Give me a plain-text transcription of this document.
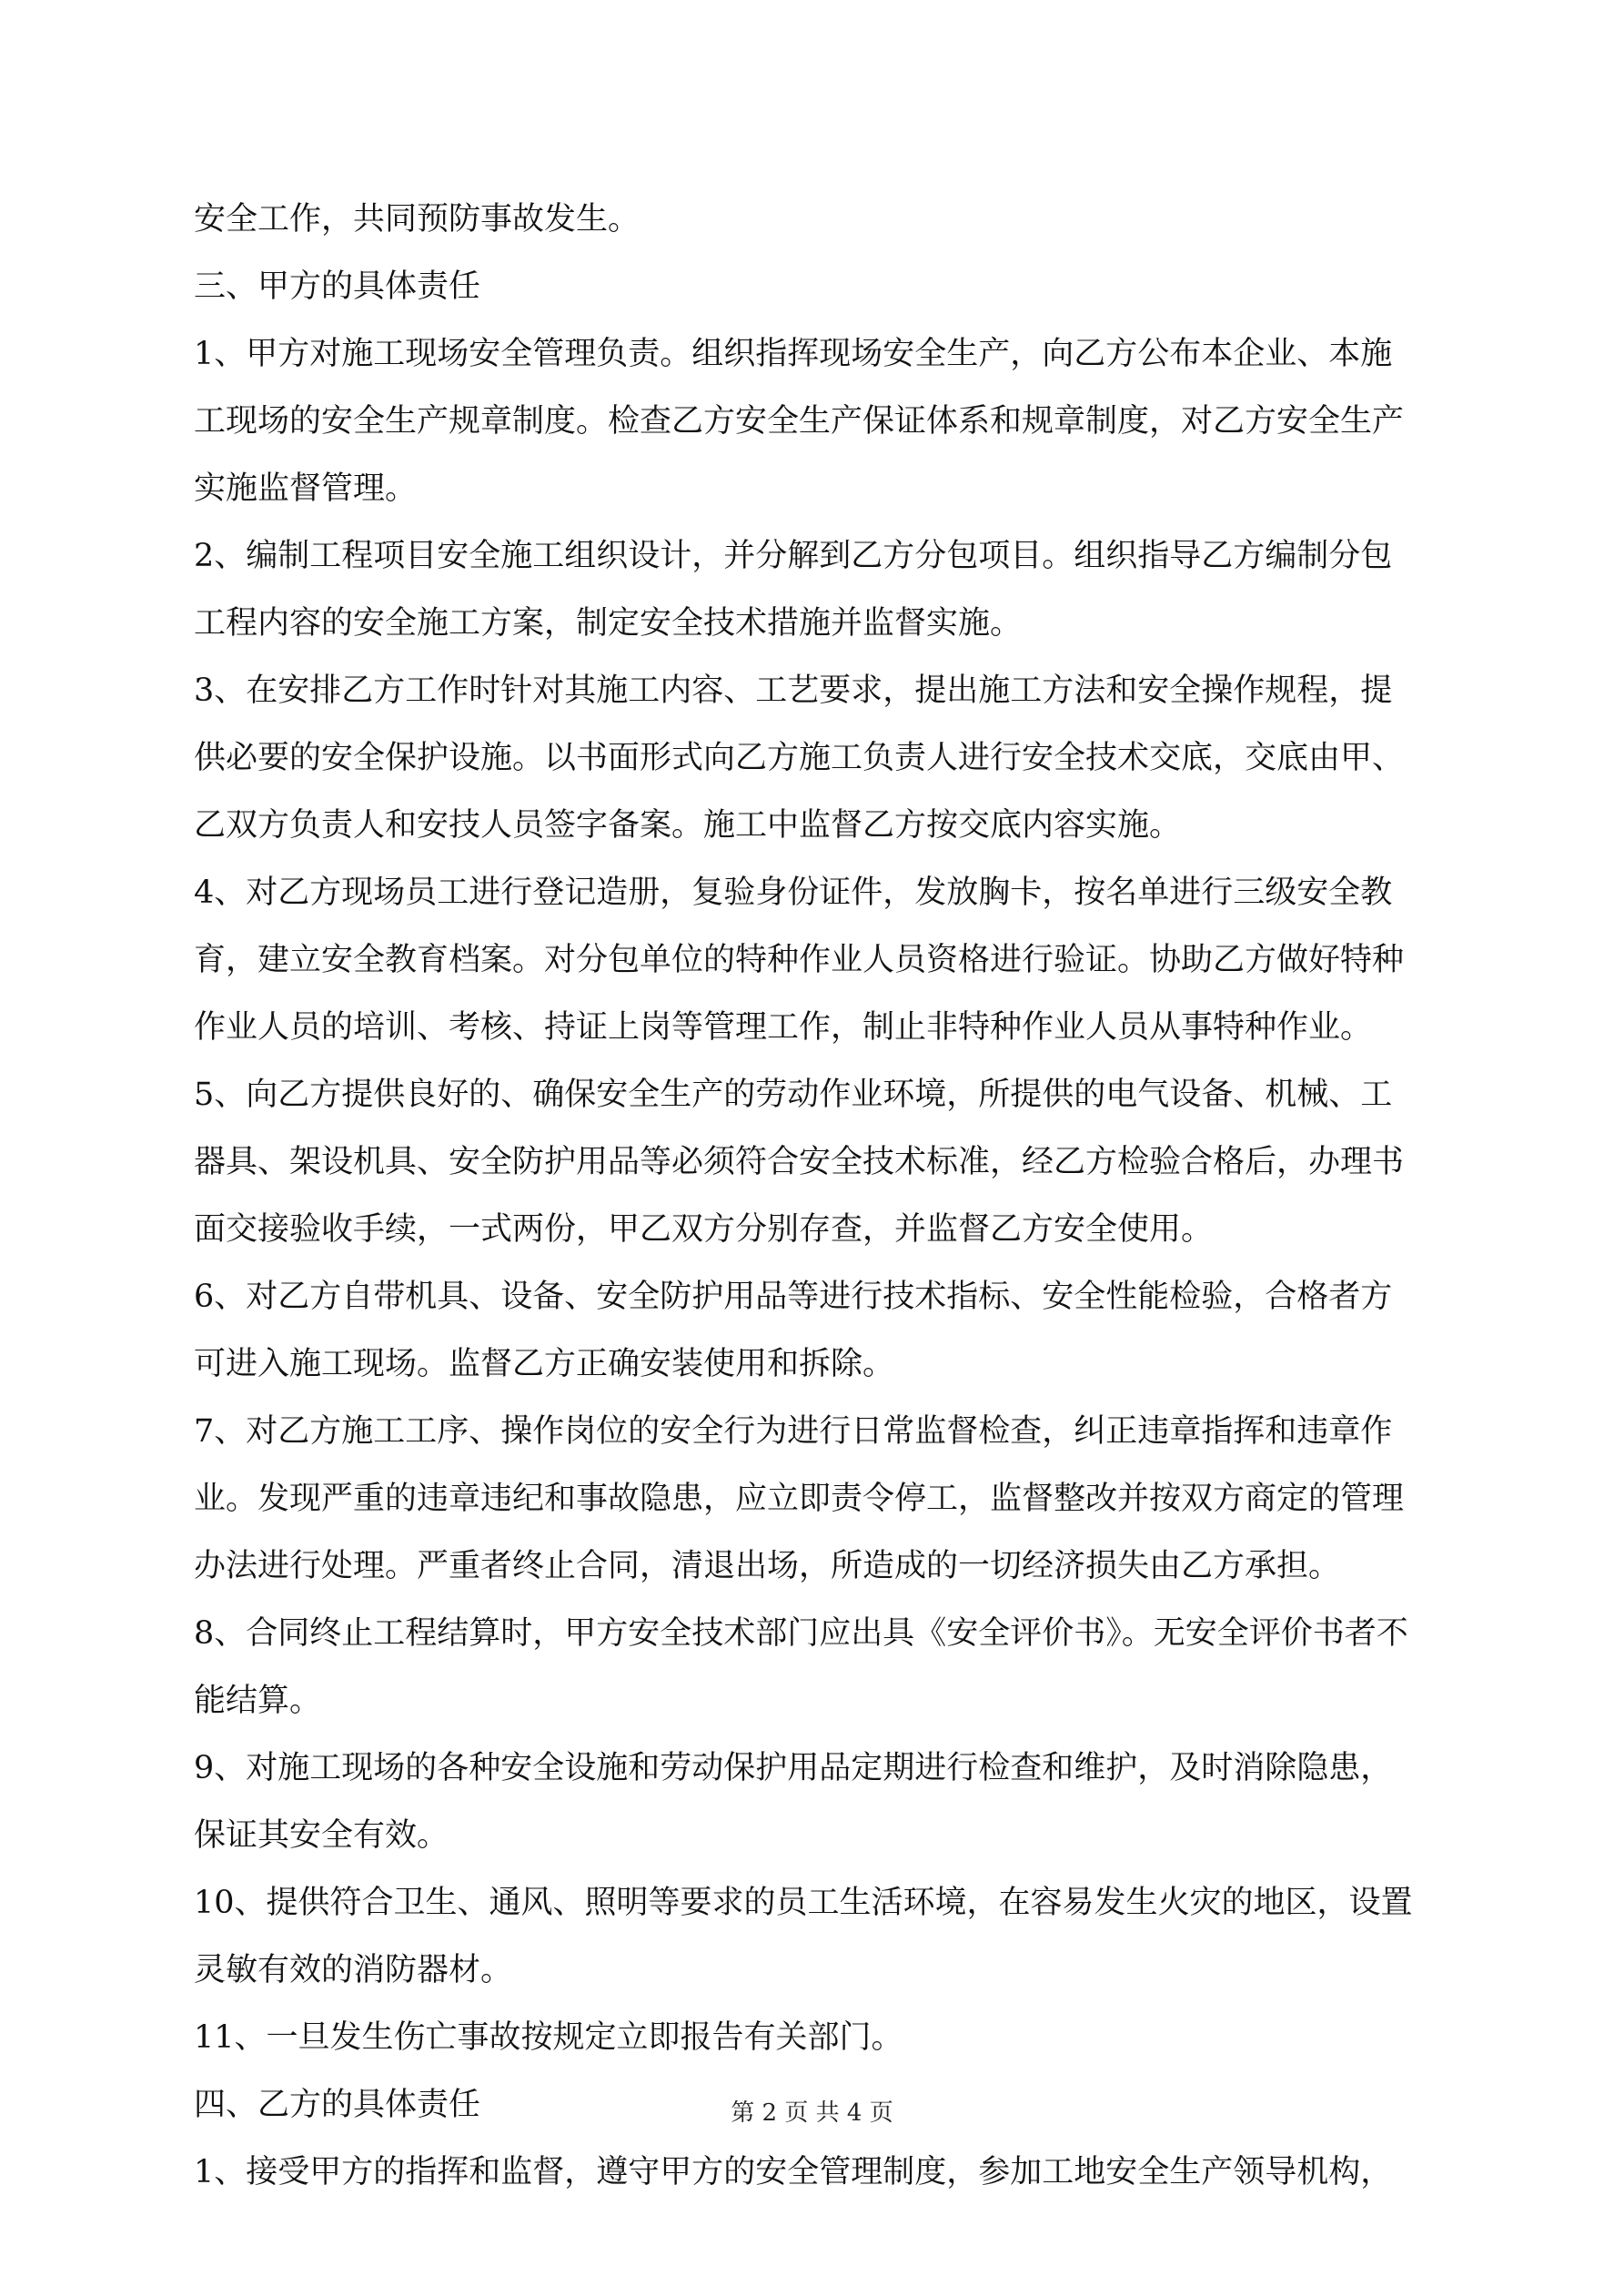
安全工作，共同预防事故发生。
三、甲方的具体责任
1、甲方对施工现场安全管理负责。组织指挥现场安全生产，向乙方公布本企业、本施
工现场的安全生产规章制度。检查乙方安全生产保证体系和规章制度，对乙方安全生产
实施监督管理。
2、编制工程项目安全施工组织设计，并分解到乙方分包项目。组织指导乙方编制分包
工程内容的安全施工方案，制定安全技术措施并监督实施。
3、在安排乙方工作时针对其施工内容、工艺要求，提出施工方法和安全操作规程，提
供必要的安全保护设施。以书面形式向乙方施工负责人进行安全技术交底，交底由甲、
乙双方负责人和安技人员签字备案。施工中监督乙方按交底内容实施。
4、对乙方现场员工进行登记造册，复验身份证件，发放胸卡，按名单进行三级安全教
育，建立安全教育档案。对分包单位的特种作业人员资格进行验证。协助乙方做好特种
作业人员的培训、考核、持证上岗等管理工作，制止非特种作业人员从事特种作业。
5、向乙方提供良好的、确保安全生产的劳动作业环境，所提供的电气设备、机械、工
器具、架设机具、安全防护用品等必须符合安全技术标准，经乙方检验合格后，办理书
面交接验收手续，一式两份，甲乙双方分别存查，并监督乙方安全使用。
6、对乙方自带机具、设备、安全防护用品等进行技术指标、安全性能检验，合格者方
可进入施工现场。监督乙方正确安装使用和拆除。
7、对乙方施工工序、操作岗位的安全行为进行日常监督检查，纠正违章指挥和违章作
业。发现严重的违章违纪和事故隐患，应立即责令停工，监督整改并按双方商定的管理
办法进行处理。严重者终止合同，清退出场，所造成的一切经济损失由乙方承担。
8、合同终止工程结算时，甲方安全技术部门应出具《安全评价书》。无安全评价书者不
能结算。
9、对施工现场的各种安全设施和劳动保护用品定期进行检查和维护，及时消除隐患，
保证其安全有效。
10、提供符合卫生、通风、照明等要求的员工生活环境，在容易发生火灾的地区，设置
灵敏有效的消防器材。
11、一旦发生伤亡事故按规定立即报告有关部门。
四、乙方的具体责任
1、接受甲方的指挥和监督，遵守甲方的安全管理制度，参加工地安全生产领导机构，
第 2 页 共 4 页
